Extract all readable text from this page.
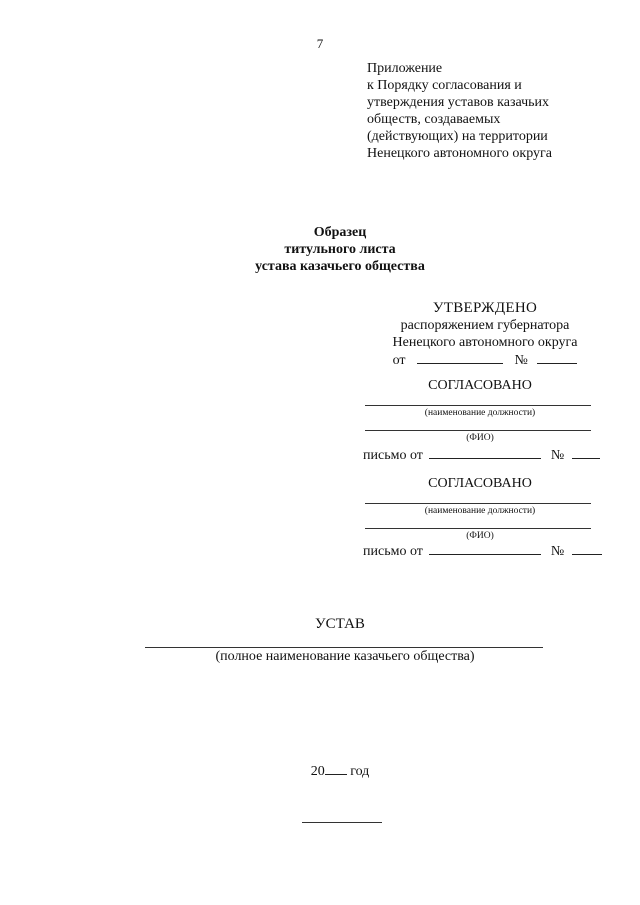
7
Приложение
к Порядку согласования и
утверждения уставов казачьих
обществ, создаваемых
(действующих) на территории
Ненецкого автономного округа
Образец
титульного листа
устава казачьего общества
УТВЕРЖДЕНО
распоряжением губернатора
Ненецкого автономного округа
от	№
СОГЛАСОВАНО
(наименование должности)
(ФИО)
письмо от	№
СОГЛАСОВАНО
(наименование должности)
(ФИО)
письмо от	№
УСТАВ
(полное наименование казачьего общества)
20 год
